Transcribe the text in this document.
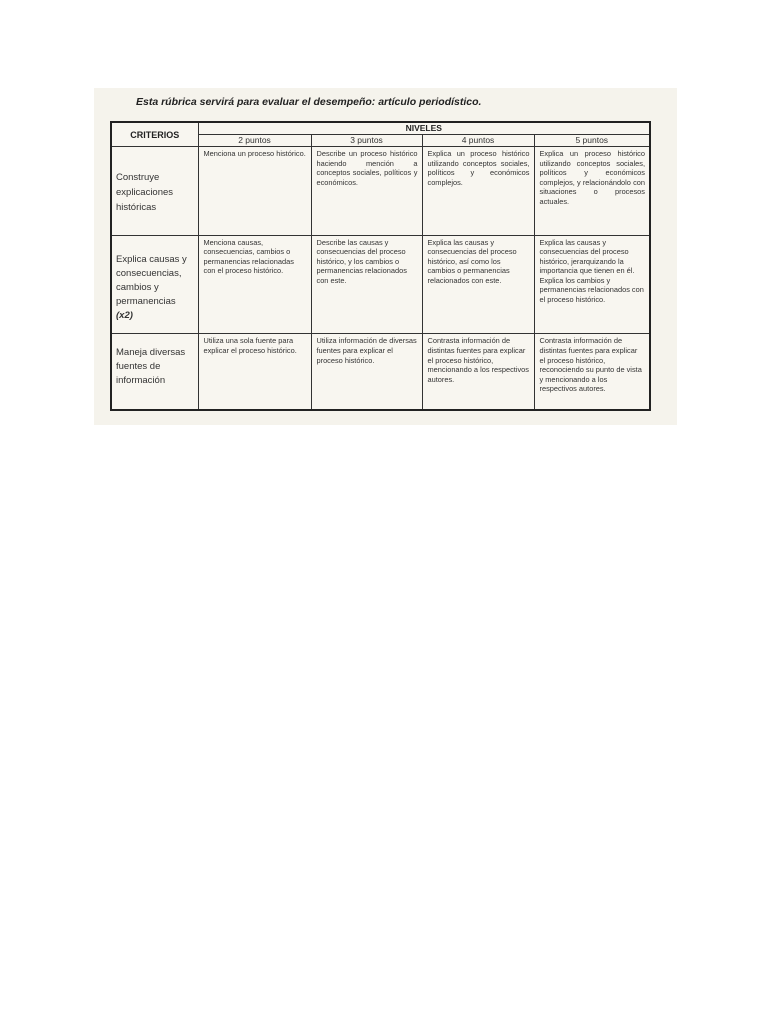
Esta rúbrica servirá para evaluar el desempeño: artículo periodístico.
CRITERIOS	NIVELES			
	2 puntos	3 puntos	4 puntos	5 puntos
Construye explicaciones históricas	Menciona un proceso histórico.	Describe un proceso histórico haciendo mención a conceptos sociales, políticos y económicos.	Explica un proceso histórico utilizando conceptos sociales, políticos y económicos complejos.	Explica un proceso histórico utilizando conceptos sociales, políticos y económicos complejos, y relacionándolo con situaciones o procesos actuales.
Explica causas y consecuencias, cambios y permanencias (x2)	Menciona causas, consecuencias, cambios o permanencias relacionadas con el proceso histórico.	Describe las causas y consecuencias del proceso histórico, y los cambios o permanencias relacionados con este.	Explica las causas y consecuencias del proceso histórico, así como los cambios o permanencias relacionados con este.	Explica las causas y consecuencias del proceso histórico, jerarquizando la importancia que tienen en él. Explica los cambios y permanencias relacionados con el proceso histórico.
Maneja diversas fuentes de información	Utiliza una sola fuente para explicar el proceso histórico.	Utiliza información de diversas fuentes para explicar el proceso histórico.	Contrasta información de distintas fuentes para explicar el proceso histórico, mencionando a los respectivos autores.	Contrasta información de distintas fuentes para explicar el proceso histórico, reconociendo su punto de vista y mencionando a los respectivos autores.
